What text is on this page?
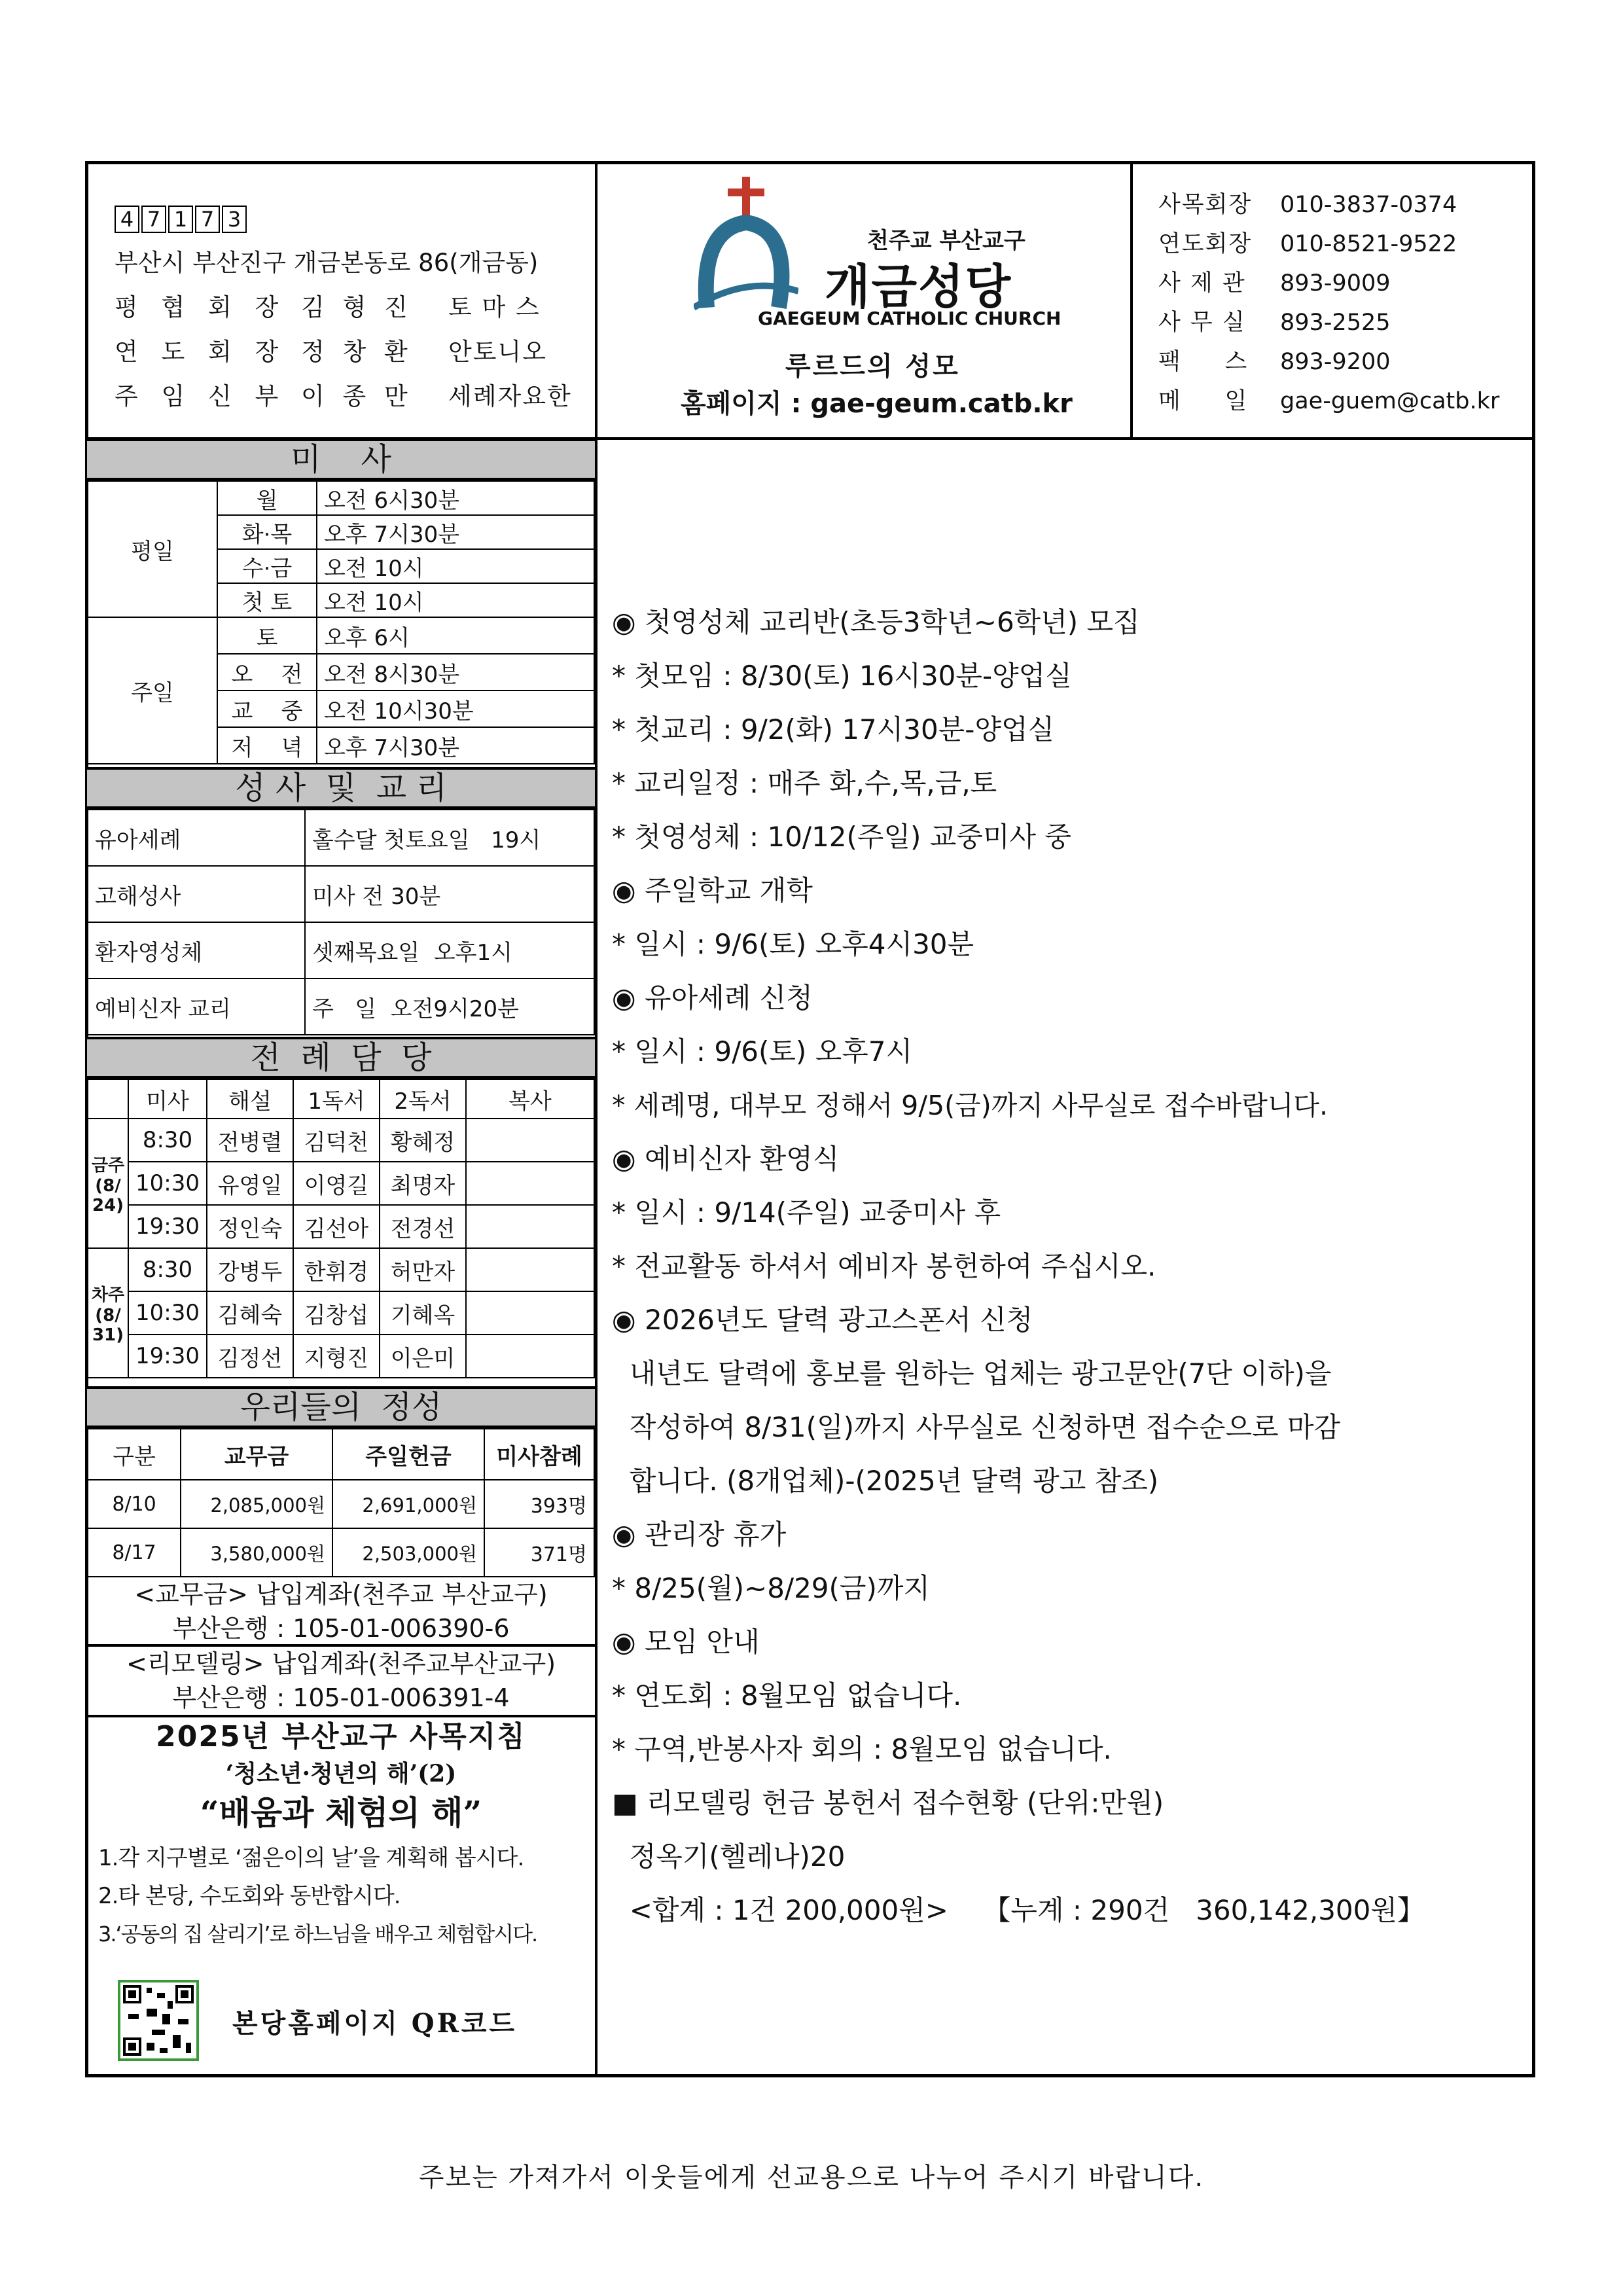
4 7 1 7 3
부산시 부산진구 개금본동로 86(개금동)
평 협 회 장 김 형 진	토 마 스
연 도 회 장 정 창 환	안토니오
주 임 신 부 이 종 만	세례자요한
천주교 부산교구
개금성당
GAEGEUM CATHOLIC CHURCH
루르드의 성모
홈페이지 : gae-geum.catb.kr
사목회장	010-3837-0374
연도회장	010-8521-9522
사 제 관	893-9009
사 무 실	893-2525
팩     스	893-9200
메     일	gae-guem@catb.kr
미    사
평일	월	오전 6시30분
	화·목	오후 7시30분
	수·금	오전 10시
	첫 토	오전 10시
주일	토	오후 6시
	오    전	오전 8시30분
	교    중	오전 10시30분
	저    녁	오후 7시30분
성 사  및  교 리
유아세례	홀수달 첫토요일   19시
고해성사	미사 전 30분
환자영성체	셋째목요일  오후1시
예비신자 교리	주   일  오전9시20분
전  례  담  당
	미사	해설	1독서	2독서	복사
금주(8/24)	8:30	전병렬	김덕천	황혜정	
	10:30	유영일	이영길	최명자	
	19:30	정인숙	김선아	전경선	
차주(8/31)	8:30	강병두	한휘경	허만자	
	10:30	김혜숙	김창섭	기혜옥	
	19:30	김정선	지형진	이은미	
우리들의  정성
구분	교무금	주일헌금	미사참례
8/10	2,085,000원	2,691,000원	393명
8/17	3,580,000원	2,503,000원	371명
<교무금> 납입계좌(천주교 부산교구)
부산은행 : 105-01-006390-6
<리모델링> 납입계좌(천주교부산교구)
부산은행 : 105-01-006391-4
2025년 부산교구 사목지침
‘청소년·청년의 해’(2)
“배움과 체험의 해”
1.각 지구별로 ‘젊은이의 날’을 계획해 봅시다.
2.타 본당, 수도회와 동반합시다.
3.‘공동의 집 살리기’로 하느님을 배우고 체험합시다.
본당홈페이지 QR코드
◉ 첫영성체 교리반(초등3학년~6학년) 모집
* 첫모임 : 8/30(토) 16시30분-양업실
* 첫교리 : 9/2(화) 17시30분-양업실
* 교리일정 : 매주 화,수,목,금,토
* 첫영성체 : 10/12(주일) 교중미사 중
◉ 주일학교 개학
* 일시 : 9/6(토) 오후4시30분
◉ 유아세례 신청
* 일시 : 9/6(토) 오후7시
* 세례명, 대부모 정해서 9/5(금)까지 사무실로 접수바랍니다.
◉ 예비신자 환영식
* 일시 : 9/14(주일) 교중미사 후
* 전교활동 하셔서 예비자 봉헌하여 주십시오.
◉ 2026년도 달력 광고스폰서 신청
내년도 달력에 홍보를 원하는 업체는 광고문안(7단 이하)을
작성하여 8/31(일)까지 사무실로 신청하면 접수순으로 마감
합니다. (8개업체)-(2025년 달력 광고 참조)
◉ 관리장 휴가
* 8/25(월)~8/29(금)까지
◉ 모임 안내
* 연도회 : 8월모임 없습니다.
* 구역,반봉사자 회의 : 8월모임 없습니다.
■ 리모델링 헌금 봉헌서 접수현황 (단위:만원)
정옥기(헬레나)20
<합계 : 1건 200,000원>    【누계 : 290건   360,142,300원】
주보는 가져가서 이웃들에게 선교용으로 나누어 주시기 바랍니다.
